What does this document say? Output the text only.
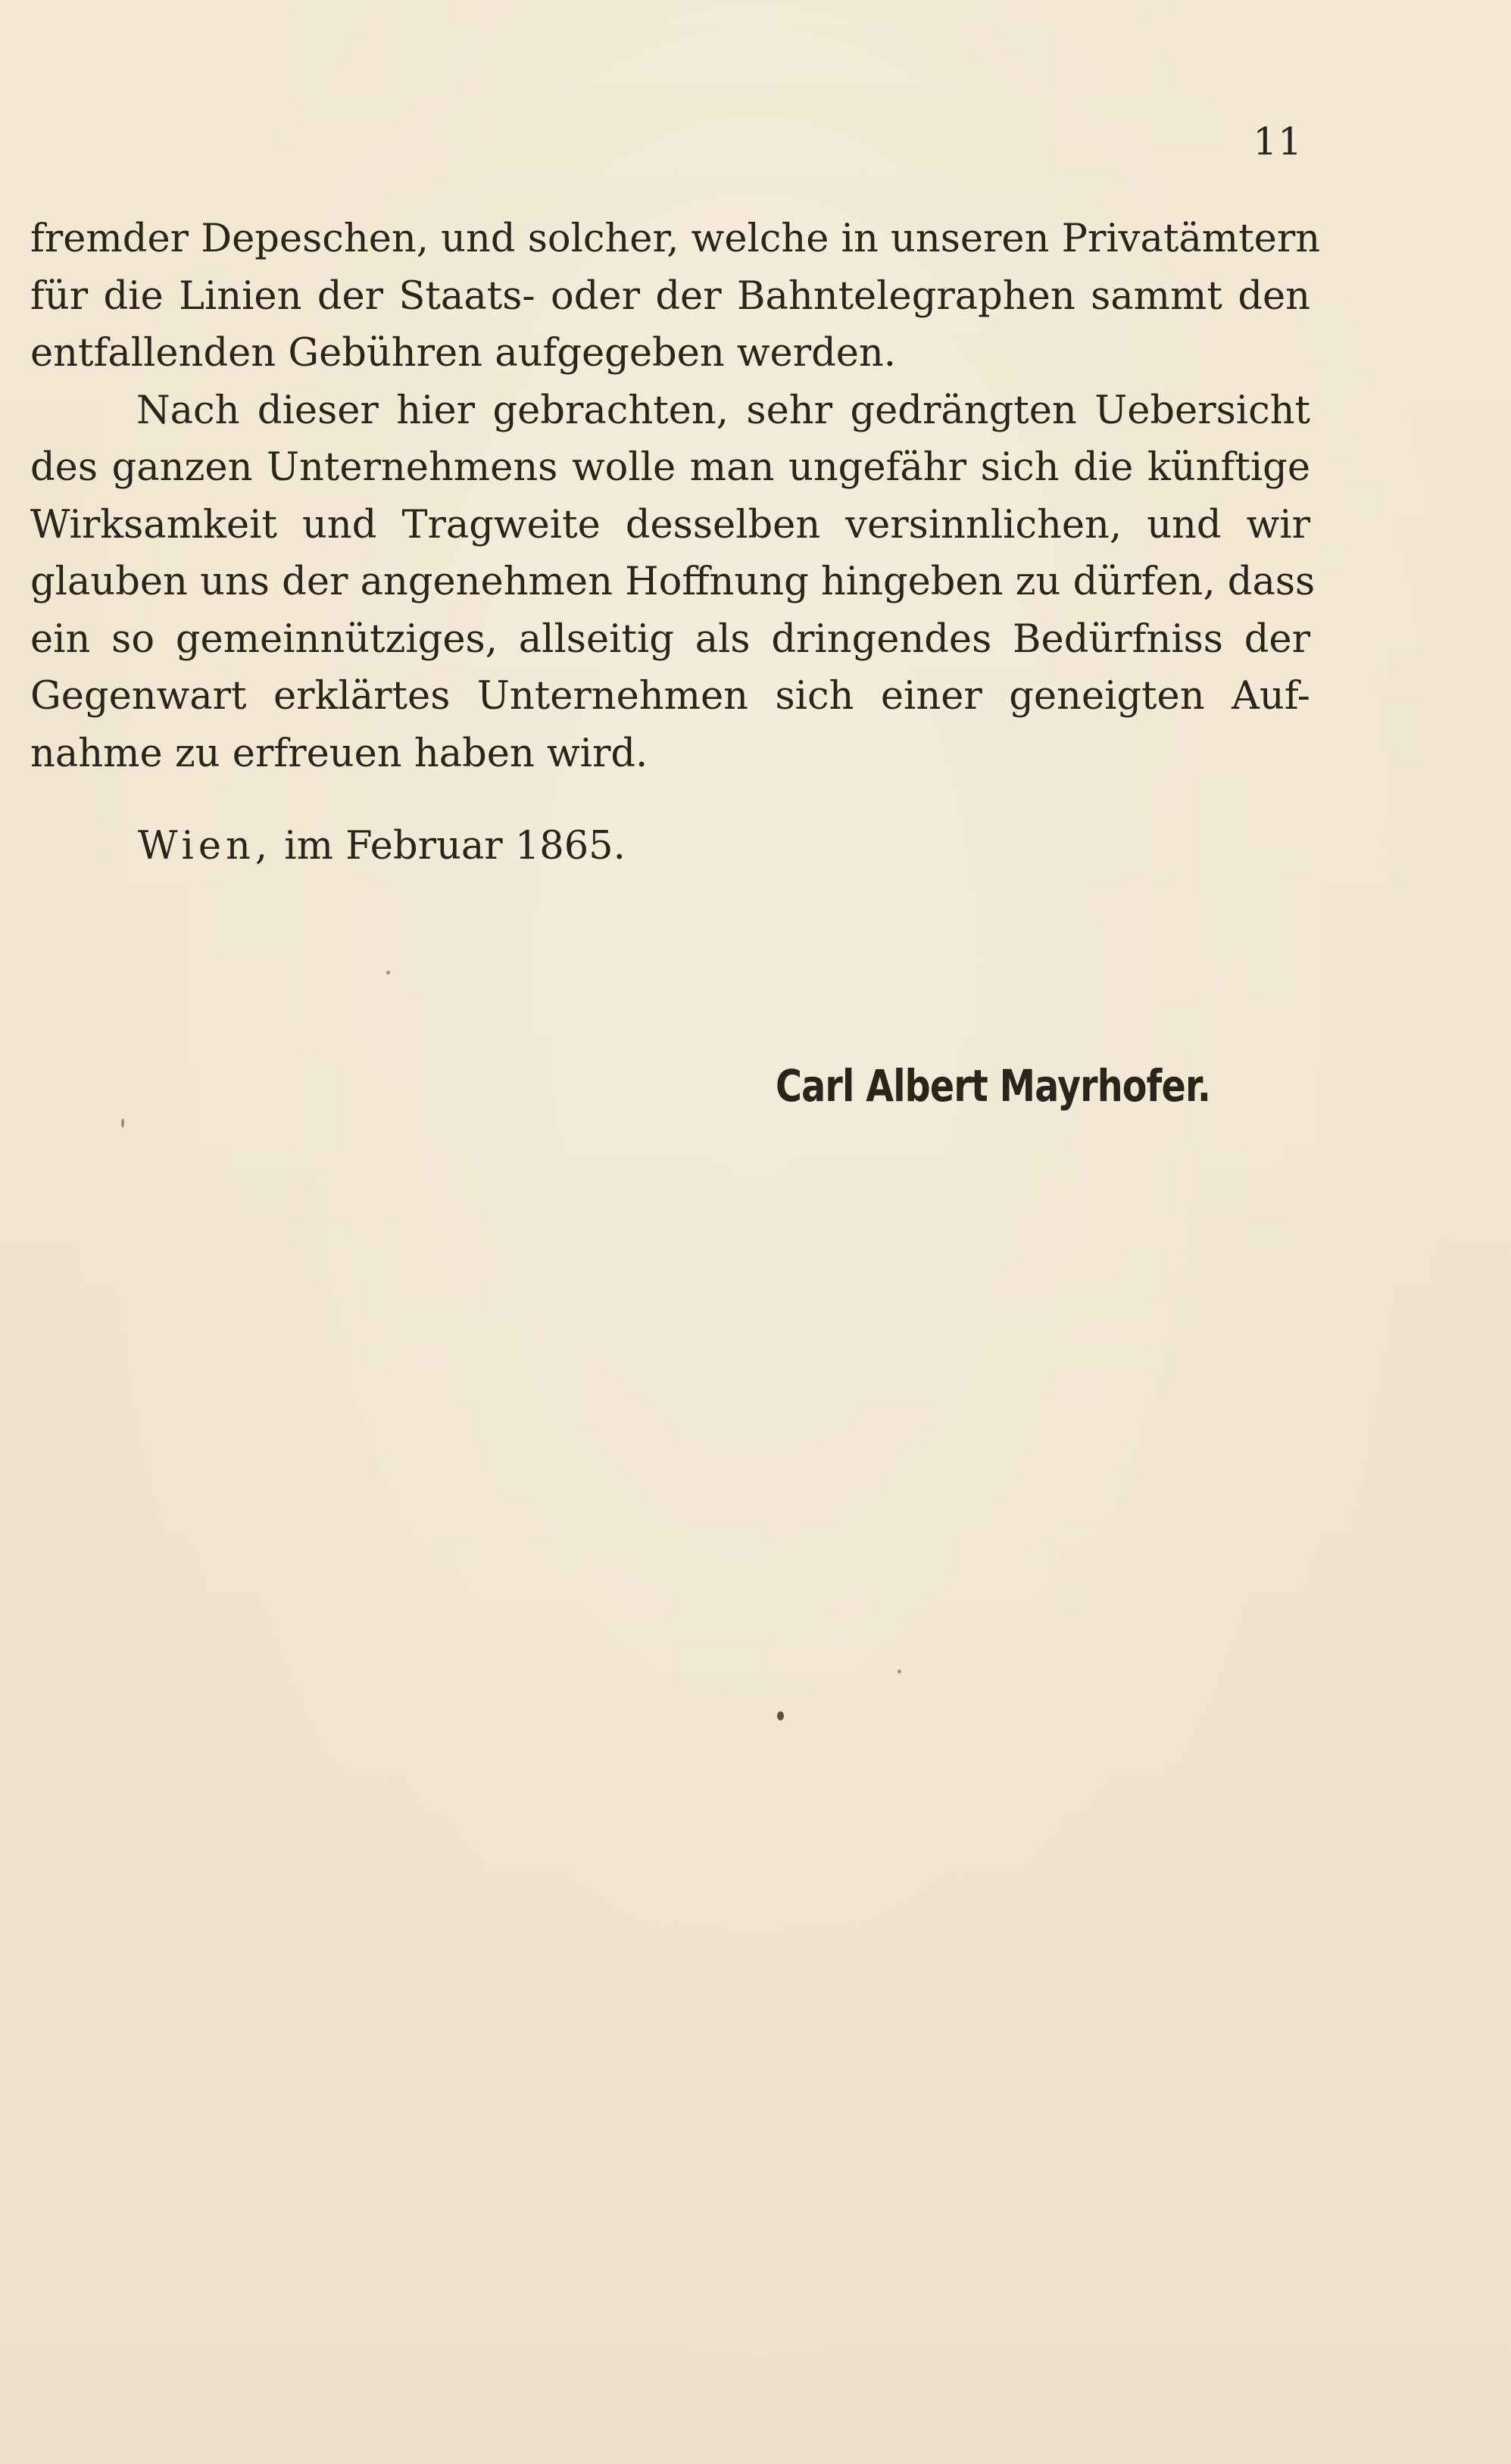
11
fremder Depeschen, und solcher, welche in unseren Privatämtern
für die Linien der Staats- oder der Bahntelegraphen sammt den
entfallenden Gebühren aufgegeben werden.
Nach dieser hier gebrachten, sehr gedrängten Uebersicht
des ganzen Unternehmens wolle man ungefähr sich die künftige
Wirksamkeit und Tragweite desselben versinnlichen, und wir
glauben uns der angenehmen Hoffnung hingeben zu dürfen, dass
ein so gemeinnütziges, allseitig als dringendes Bedürfniss der
Gegenwart erklärtes Unternehmen sich einer geneigten Auf-
nahme zu erfreuen haben wird.
Wien, im Februar 1865.
Carl Albert Mayrhofer.
